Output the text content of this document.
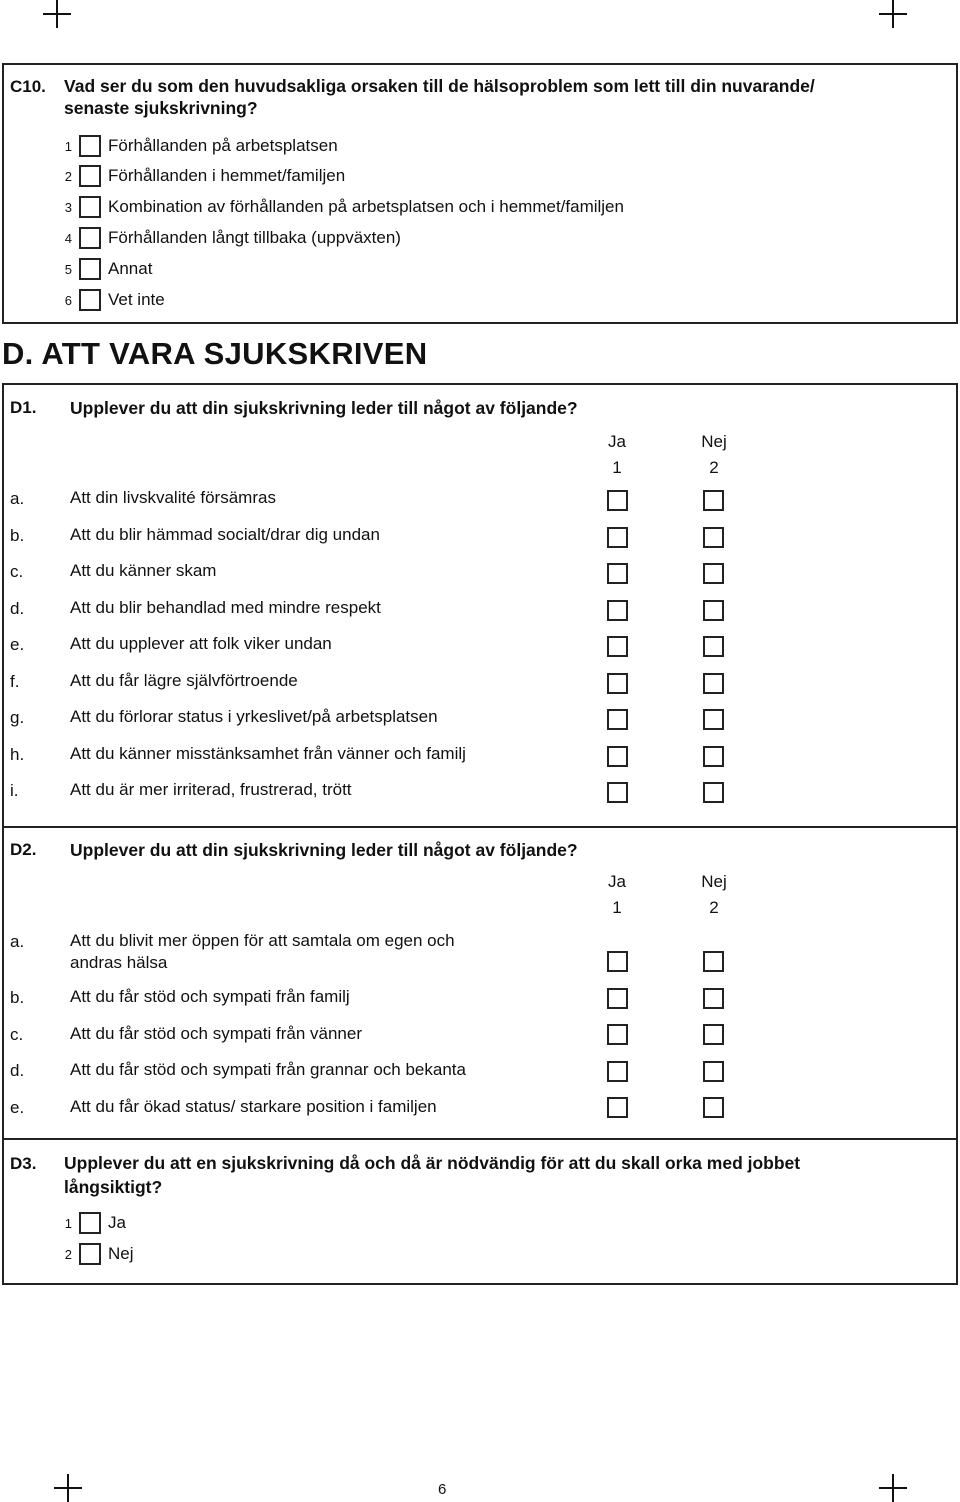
C10. Vad ser du som den huvudsakliga orsaken till de hälsoproblem som lett till din nuvarande/
senaste sjukskrivning?
1 Förhållanden på arbetsplatsen
2 Förhållanden i hemmet/familjen
3 Kombination av förhållanden på arbetsplatsen och i hemmet/familjen
4 Förhållanden långt tillbaka (uppväxten)
5 Annat
6 Vet inte
D. ATT VARA SJUKSKRIVEN
D1. Upplever du att din sjukskrivning leder till något av följande?
Ja	Nej
1	2
a.	Att din livskvalité försämras
b.	Att du blir hämmad socialt/drar dig undan
c.	Att du känner skam
d.	Att du blir behandlad med mindre respekt
e.	Att du upplever att folk viker undan
f.	Att du får lägre självförtroende
g.	Att du förlorar status i yrkeslivet/på arbetsplatsen
h.	Att du känner misstänksamhet från vänner och familj
i.	Att du är mer irriterad, frustrerad, trött
D2. Upplever du att din sjukskrivning leder till något av följande?
Ja	Nej
1	2
a.	Att du blivit mer öppen för att samtala om egen och
andras hälsa
b.	Att du får stöd och sympati från familj
c.	Att du får stöd och sympati från vänner
d.	Att du får stöd och sympati från grannar och bekanta
e.	Att du får ökad status/ starkare position i familjen
D3. Upplever du att en sjukskrivning då och då är nödvändig för att du skall orka med jobbet
långsiktigt?
1 Ja
2 Nej
6
